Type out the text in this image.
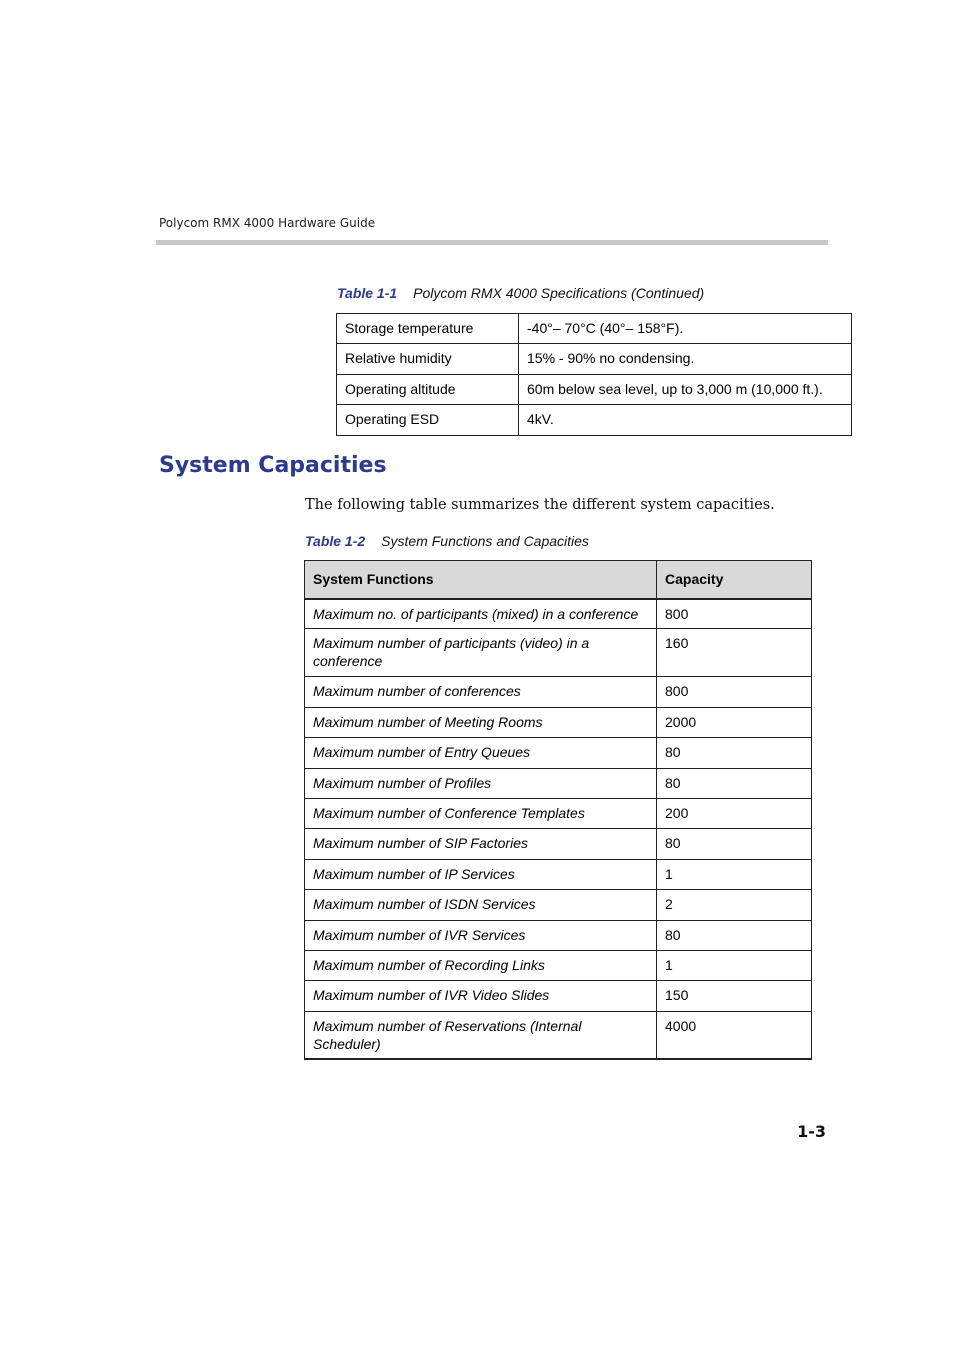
Polycom RMX 4000 Hardware Guide
Table 1-1 Polycom RMX 4000 Specifications (Continued)
Storage temperature	-40°– 70°C (40°– 158°F).
Relative humidity	15% - 90% no condensing.
Operating altitude	60m below sea level, up to 3,000 m (10,000 ft.).
Operating ESD	4kV.
System Capacities

The following table summarizes the different system capacities.

Table 1-2 System Functions and Capacities
System Functions	Capacity
Maximum no. of participants (mixed) in a conference	800
Maximum number of participants (video) in a conference	160
Maximum number of conferences	800
Maximum number of Meeting Rooms	2000
Maximum number of Entry Queues	80
Maximum number of Profiles	80
Maximum number of Conference Templates	200
Maximum number of SIP Factories	80
Maximum number of IP Services	1
Maximum number of ISDN Services	2
Maximum number of IVR Services	80
Maximum number of Recording Links	1
Maximum number of IVR Video Slides	150
Maximum number of Reservations (Internal Scheduler)	4000
1-3
